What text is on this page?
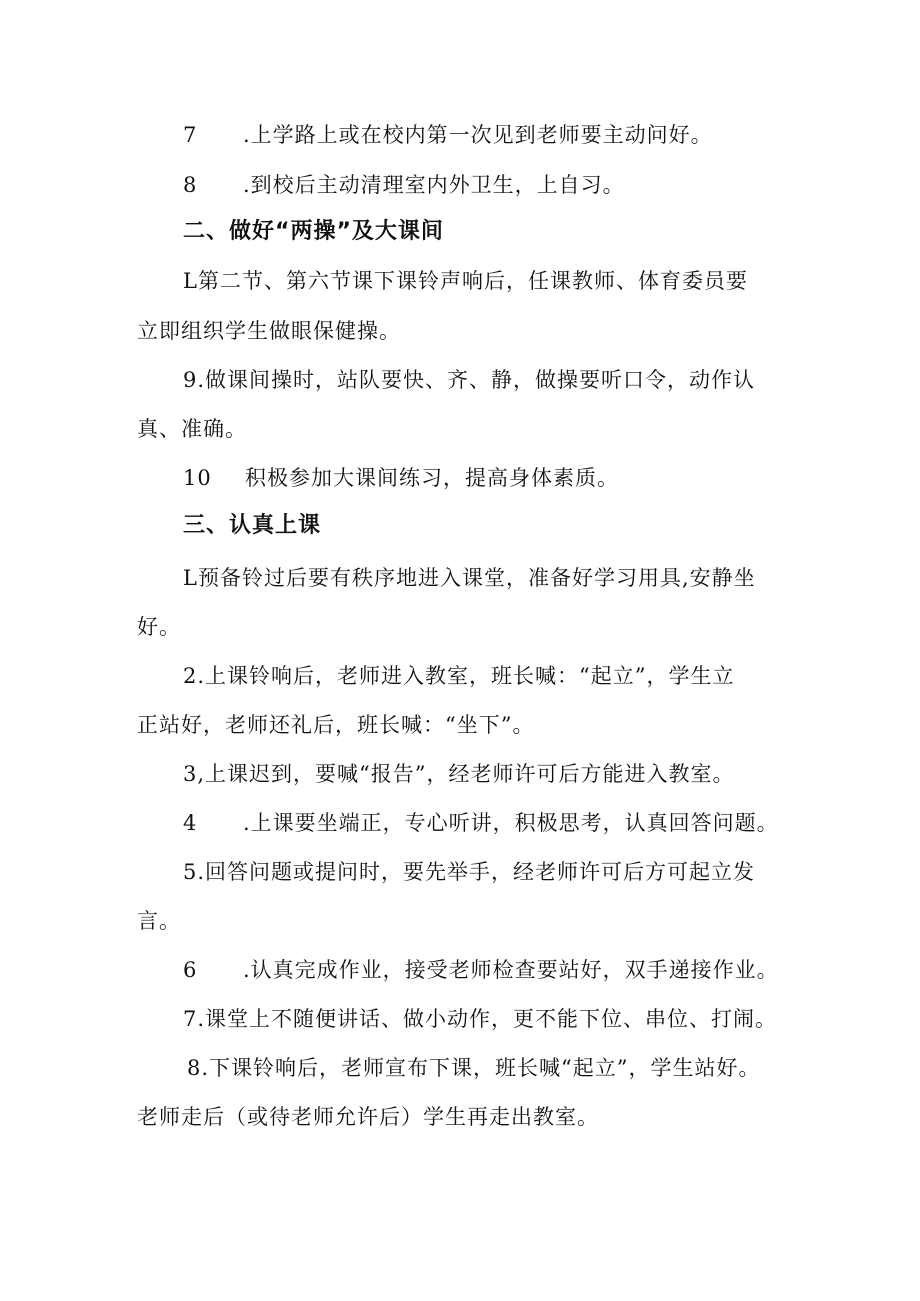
7 .上学路上或在校内第一次见到老师要主动问好。
8 .到校后主动清理室内外卫生，上自习。
二、做好“两操”及大课间
L第二节、第六节课下课铃声响后，任课教师、体育委员要
立即组织学生做眼保健操。
9.做课间操时，站队要快、齐、静，做操要听口令，动作认
真、准确。
10 积极参加大课间练习，提高身体素质。
三、认真上课
L预备铃过后要有秩序地进入课堂，准备好学习用具,安静坐
好。
2.上课铃响后，老师进入教室，班长喊：“起立”，学生立
正站好，老师还礼后，班长喊：“坐下”。
3,上课迟到，要喊“报告”，经老师许可后方能进入教室。
4 .上课要坐端正，专心听讲，积极思考，认真回答问题。
5.回答问题或提问时，要先举手，经老师许可后方可起立发
言。
6 .认真完成作业，接受老师检查要站好，双手递接作业。
7.课堂上不随便讲话、做小动作，更不能下位、串位、打闹。
8.下课铃响后，老师宣布下课，班长喊“起立”，学生站好。
老师走后（或待老师允许后）学生再走出教室。
